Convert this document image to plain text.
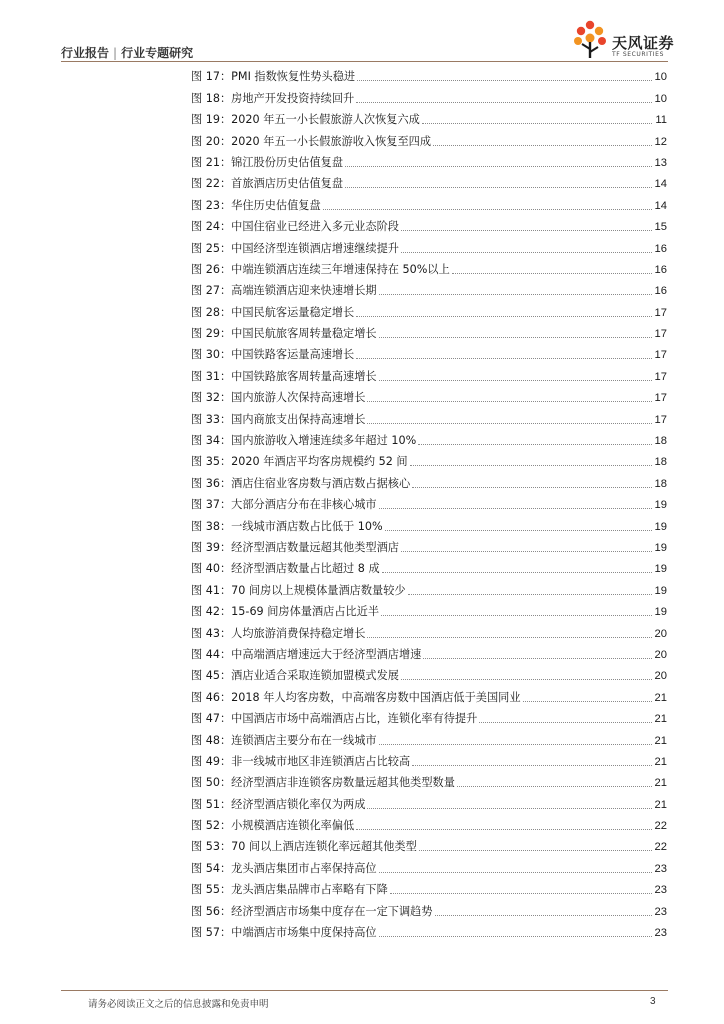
行业报告 | 行业专题研究
天风证券
TF SECURITIES
图 17：PMI 指数恢复性势头稳进	10
图 18：房地产开发投资持续回升	10
图 19：2020 年五一小长假旅游人次恢复六成	11
图 20：2020 年五一小长假旅游收入恢复至四成	12
图 21：锦江股份历史估值复盘	13
图 22：首旅酒店历史估值复盘	14
图 23：华住历史估值复盘	14
图 24：中国住宿业已经进入多元业态阶段	15
图 25：中国经济型连锁酒店增速继续提升	16
图 26：中端连锁酒店连续三年增速保持在 50%以上	16
图 27：高端连锁酒店迎来快速增长期	16
图 28：中国民航客运量稳定增长	17
图 29：中国民航旅客周转量稳定增长	17
图 30：中国铁路客运量高速增长	17
图 31：中国铁路旅客周转量高速增长	17
图 32：国内旅游人次保持高速增长	17
图 33：国内商旅支出保持高速增长	17
图 34：国内旅游收入增速连续多年超过 10%	18
图 35：2020 年酒店平均客房规模约 52 间	18
图 36：酒店住宿业客房数与酒店数占据核心	18
图 37：大部分酒店分布在非核心城市	19
图 38：一线城市酒店数占比低于 10%	19
图 39：经济型酒店数量远超其他类型酒店	19
图 40：经济型酒店数量占比超过 8 成	19
图 41：70 间房以上规模体量酒店数量较少	19
图 42：15-69 间房体量酒店占比近半	19
图 43：人均旅游消费保持稳定增长	20
图 44：中高端酒店增速远大于经济型酒店增速	20
图 45：酒店业适合采取连锁加盟模式发展	20
图 46：2018 年人均客房数，中高端客房数中国酒店低于美国同业	21
图 47：中国酒店市场中高端酒店占比，连锁化率有待提升	21
图 48：连锁酒店主要分布在一线城市	21
图 49：非一线城市地区非连锁酒店占比较高	21
图 50：经济型酒店非连锁客房数量远超其他类型数量	21
图 51：经济型酒店锁化率仅为两成	21
图 52：小规模酒店连锁化率偏低	22
图 53：70 间以上酒店连锁化率远超其他类型	22
图 54：龙头酒店集团市占率保持高位	23
图 55：龙头酒店集品牌市占率略有下降	23
图 56：经济型酒店市场集中度存在一定下调趋势	23
图 57：中端酒店市场集中度保持高位	23
请务必阅读正文之后的信息披露和免责申明	3
